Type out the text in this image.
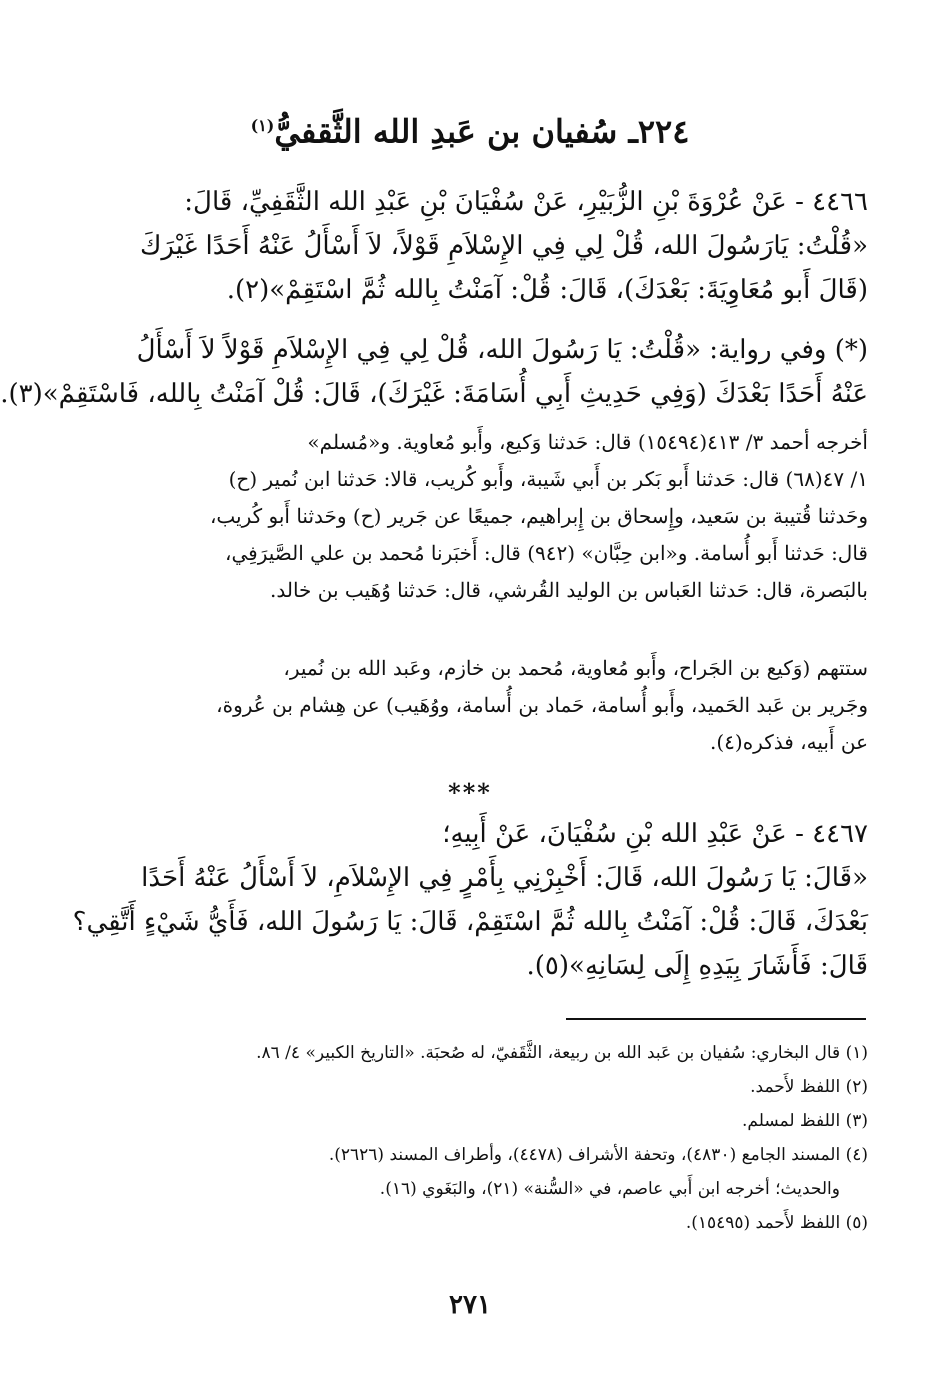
٢٢٤ـ سُفيان بن عَبدِ الله الثَّقفيُّ$^{(١)}$
٤٤٦٦ - عَنْ عُرْوَةَ بْنِ الزُّبَيْرِ، عَنْ سُفْيَانَ بْنِ عَبْدِ الله الثَّقَفِيِّ، قَالَ:
«قُلْتُ: يَارَسُولَ الله، قُلْ لِي فِي الإِسْلاَمِ قَوْلاً، لاَ أَسْأَلُ عَنْهُ أَحَدًا غَيْرَكَ
(قَالَ أَبو مُعَاوِيَةَ: بَعْدَكَ)، قَالَ: قُلْ: آمَنْتُ بِالله ثُمَّ اسْتَقِمْ»(٢).
(*) وفي رواية: «قُلْتُ: يَا رَسُولَ الله، قُلْ لِي فِي الإِسْلاَمِ قَوْلاً لاَ أَسْأَلُ
عَنْهُ أَحَدًا بَعْدَكَ (وَفِي حَدِيثِ أَبِي أُسَامَةَ: غَيْرَكَ)، قَالَ: قُلْ آمَنْتُ بِالله، فَاسْتَقِمْ»(٣).
أخرجه أحمد ٣/ ٤١٣(١٥٤٩٤) قال: حَدثنا وَكيع، وأَبو مُعاوية. و«مُسلم»
١/ ٤٧(٦٨) قال: حَدثنا أَبو بَكر بن أَبي شَيبة، وأَبو كُريب، قالا: حَدثنا ابن نُمير (ح)
وحَدثنا قُتيبة بن سَعيد، وإِسحاق بن إِبراهيم، جميعًا عن جَرير (ح) وحَدثنا أَبو كُريب،
قال: حَدثنا أَبو أُسامة. و«ابن حِبَّان» (٩٤٢) قال: أَخبَرنا مُحمد بن علي الصَّيرَفِي،
بالبَصرة، قال: حَدثنا العَباس بن الوليد القُرشي، قال: حَدثنا وُهَيب بن خالد.
ستتهم (وَكيع بن الجَراح، وأَبو مُعاوية، مُحمد بن خازم، وعَبد الله بن نُمير،
وجَرير بن عَبد الحَميد، وأَبو أُسامة، حَماد بن أُسامة، ووُهَيب) عن هِشام بن عُروة،
عن أَبيه، فذكره(٤).
***
٤٤٦٧ - عَنْ عَبْدِ الله بْنِ سُفْيَانَ، عَنْ أَبِيهِ؛
«قَالَ: يَا رَسُولَ الله، قَالَ: أَخْبِرْنِي بِأَمْرٍ فِي الإِسْلاَمِ، لاَ أَسْأَلُ عَنْهُ أَحَدًا
بَعْدَكَ، قَالَ: قُلْ: آمَنْتُ بِالله ثُمَّ اسْتَقِمْ، قَالَ: يَا رَسُولَ الله، فَأَيُّ شَيْءٍ أَتَّقِي؟
قَالَ: فَأَشَارَ بِيَدِهِ إِلَى لِسَانِهِ»(٥).
(١) قال البخاري: سُفيان بن عَبد الله بن ربيعة، الثَّقَفيّ، له صُحبَة. «التاريخ الكبير» ٤/ ٨٦.
(٢) اللفظ لأَحمد.
(٣) اللفظ لمسلم.
(٤) المسند الجامع (٤٨٣٠)، وتحفة الأشراف (٤٤٧٨)، وأطراف المسند (٢٦٢٦).
والحديث؛ أخرجه ابن أَبي عاصم، في «السُّنة» (٢١)، والبَغَوي (١٦).
(٥) اللفظ لأَحمد (١٥٤٩٥).
٢٧١
